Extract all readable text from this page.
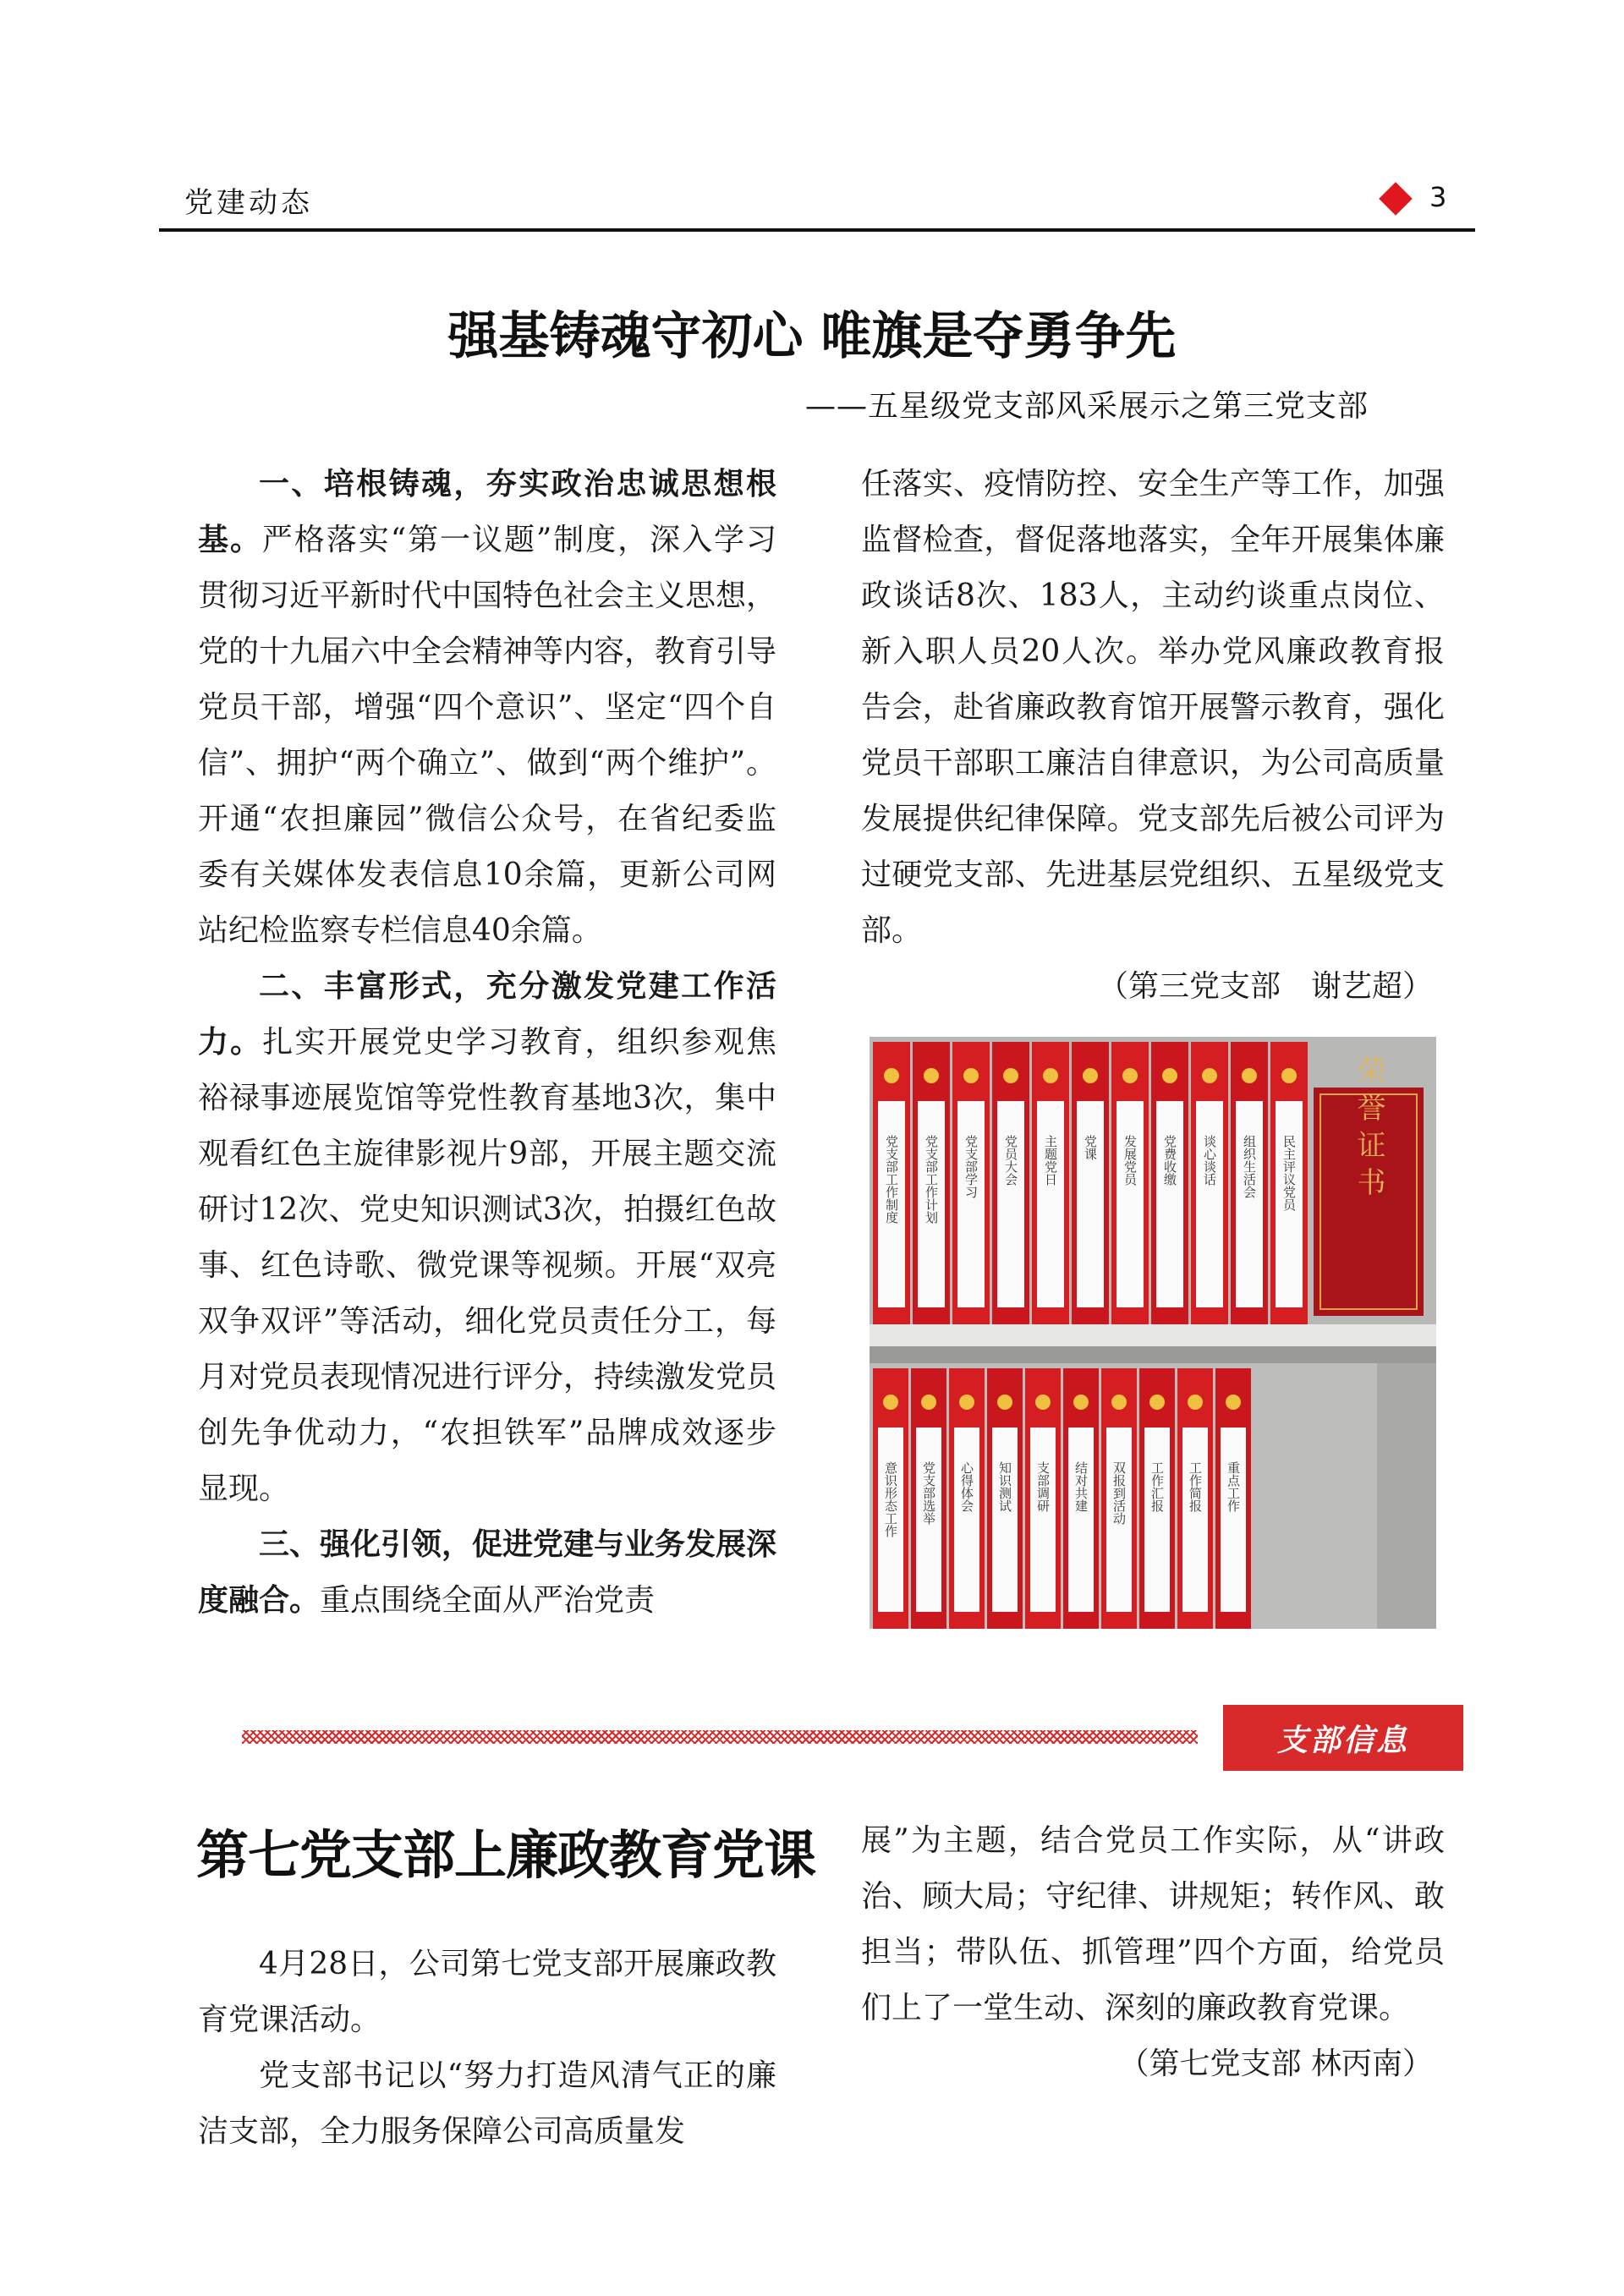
党建动态	3
强基铸魂守初心 唯旗是夺勇争先
——五星级党支部风采展示之第三党支部

一、培根铸魂，夯实政治忠诚思想根基。严格落实“第一议题”制度，深入学习贯彻习近平新时代中国特色社会主义思想，党的十九届六中全会精神等内容，教育引导党员干部，增强“四个意识”、坚定“四个自信”、拥护“两个确立”、做到“两个维护”。开通“农担廉园”微信公众号，在省纪委监委有关媒体发表信息10余篇，更新公司网站纪检监察专栏信息40余篇。

二、丰富形式，充分激发党建工作活力。扎实开展党史学习教育，组织参观焦裕禄事迹展览馆等党性教育基地3次，集中观看红色主旋律影视片9部，开展主题交流研讨12次、党史知识测试3次，拍摄红色故事、红色诗歌、微党课等视频。开展“双亮双争双评”等活动，细化党员责任分工，每月对党员表现情况进行评分，持续激发党员创先争优动力，“农担铁军”品牌成效逐步显现。

三、强化引领，促进党建与业务发展深度融合。重点围绕全面从严治党责

任落实、疫情防控、安全生产等工作，加强监督检查，督促落地落实，全年开展集体廉政谈话8次、183人，主动约谈重点岗位、新入职人员20人次。举办党风廉政教育报告会，赴省廉政教育馆开展警示教育，强化党员干部职工廉洁自律意识，为公司高质量发展提供纪律保障。党支部先后被公司评为过硬党支部、先进基层党组织、五星级党支部。

（第三党支部　谢艺超）

党支部工作制度 党支部工作计划 党支部学习 党员大会 主题党日 党课 发展党员 党费收缴 谈心谈话 组织生活会 民主评议党员
意识形态工作 党支部选举 心得体会 知识测试 支部调研 结对共建 双报到活动 工作汇报 工作简报 重点工作
荣誉证书
支部信息
第七党支部上廉政教育党课

4月28日，公司第七党支部开展廉政教育党课活动。

党支部书记以“努力打造风清气正的廉洁支部，全力服务保障公司高质量发

展”为主题，结合党员工作实际，从“讲政治、顾大局；守纪律、讲规矩；转作风、敢担当；带队伍、抓管理”四个方面，给党员们上了一堂生动、深刻的廉政教育党课。

（第七党支部 林丙南）
